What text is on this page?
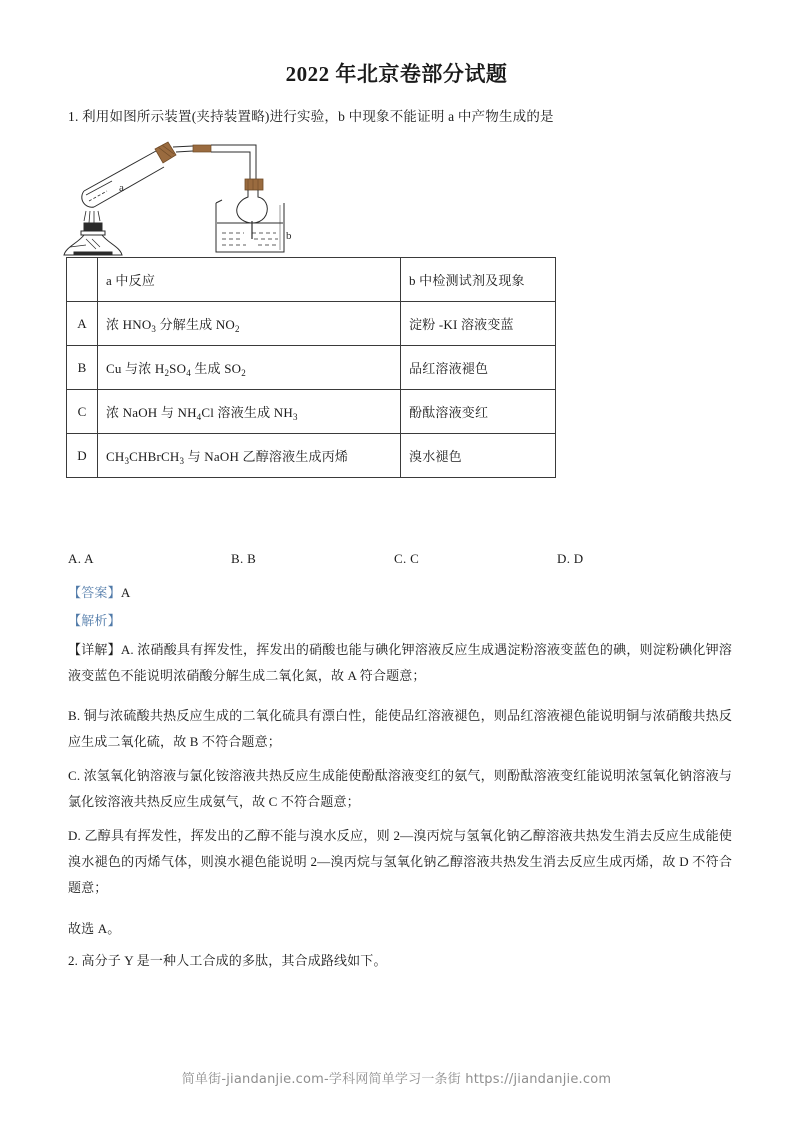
2022 年北京卷部分试题
1. 利用如图所示装置(夹持装置略)进行实验，b 中现象不能证明 a 中产物生成的是
a
b
	a 中反应	b 中检测试剂及现象
A	浓 $HNO_3$ 分解生成 $NO_2$	淀粉 -KI 溶液变蓝
B	Cu 与浓 $H_2SO_4$ 生成 $SO_2$	品红溶液褪色
C	浓 NaOH 与 $NH_4Cl$ 溶液生成 $NH_3$	酚酞溶液变红
D	$CH_3CHBrCH_3$ 与 NaOH 乙醇溶液生成丙烯	溴水褪色
A. A	B. B	C. C	D. D
【答案】A
【解析】
【详解】A. 浓硝酸具有挥发性，挥发出的硝酸也能与碘化钾溶液反应生成遇淀粉溶液变蓝色的碘，则淀粉碘化钾溶液变蓝色不能说明浓硝酸分解生成二氧化氮，故 A 符合题意；
B. 铜与浓硫酸共热反应生成的二氧化硫具有漂白性，能使品红溶液褪色，则品红溶液褪色能说明铜与浓硝酸共热反应生成二氧化硫，故 B 不符合题意；
C. 浓氢氧化钠溶液与氯化铵溶液共热反应生成能使酚酞溶液变红的氨气，则酚酞溶液变红能说明浓氢氧化钠溶液与氯化铵溶液共热反应生成氨气，故 C 不符合题意；
D. 乙醇具有挥发性，挥发出的乙醇不能与溴水反应，则 2—溴丙烷与氢氧化钠乙醇溶液共热发生消去反应生成能使溴水褪色的丙烯气体，则溴水褪色能说明 2—溴丙烷与氢氧化钠乙醇溶液共热发生消去反应生成丙烯，故 D 不符合题意；
故选 A。
2. 高分子 Y 是一种人工合成的多肽，其合成路线如下。
简单街-jiandanjie.com-学科网简单学习一条街 https://jiandanjie.com
